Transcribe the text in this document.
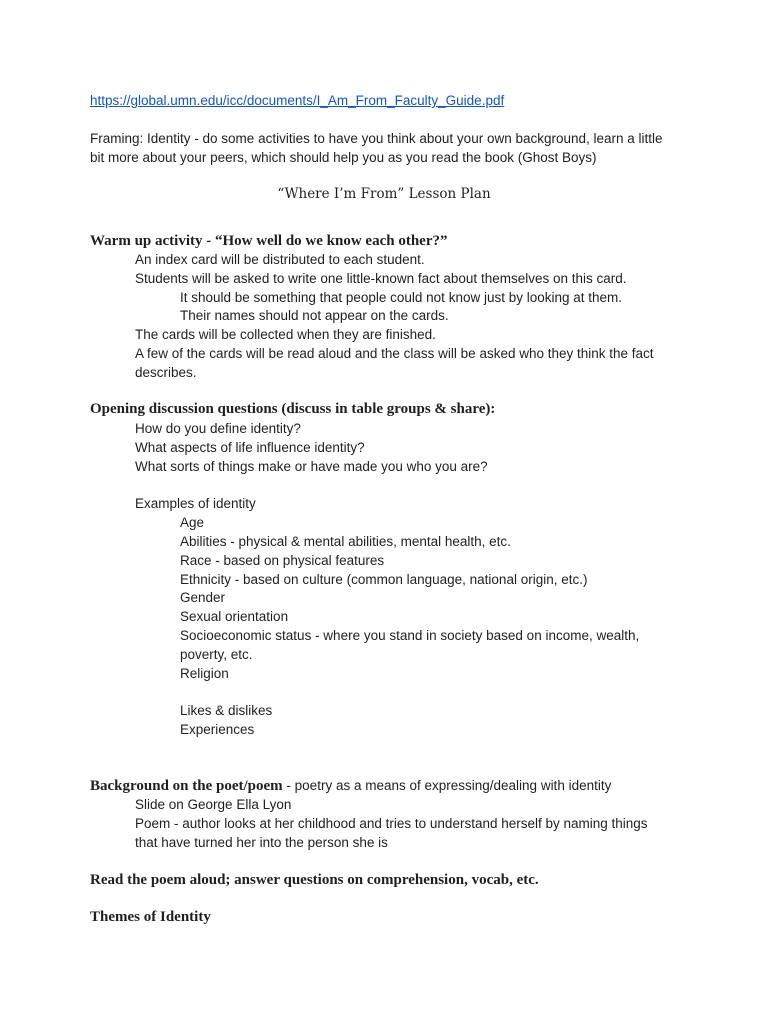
https://global.umn.edu/icc/documents/I_Am_From_Faculty_Guide.pdf
Framing: Identity - do some activities to have you think about your own background, learn a little
bit more about your peers, which should help you as you read the book (Ghost Boys)
“Where I’m From” Lesson Plan
Warm up activity - “How well do we know each other?”
An index card will be distributed to each student.
Students will be asked to write one little-known fact about themselves on this card.
It should be something that people could not know just by looking at them.
Their names should not appear on the cards.
The cards will be collected when they are finished.
A few of the cards will be read aloud and the class will be asked who they think the fact
describes.
Opening discussion questions (discuss in table groups & share):
How do you define identity?
What aspects of life influence identity?
What sorts of things make or have made you who you are?
Examples of identity
Age
Abilities - physical & mental abilities, mental health, etc.
Race - based on physical features
Ethnicity - based on culture (common language, national origin, etc.)
Gender
Sexual orientation
Socioeconomic status - where you stand in society based on income, wealth,
poverty, etc.
Religion
Likes & dislikes
Experiences
Background on the poet/poem - poetry as a means of expressing/dealing with identity
Slide on George Ella Lyon
Poem - author looks at her childhood and tries to understand herself by naming things
that have turned her into the person she is
Read the poem aloud; answer questions on comprehension, vocab, etc.
Themes of Identity
